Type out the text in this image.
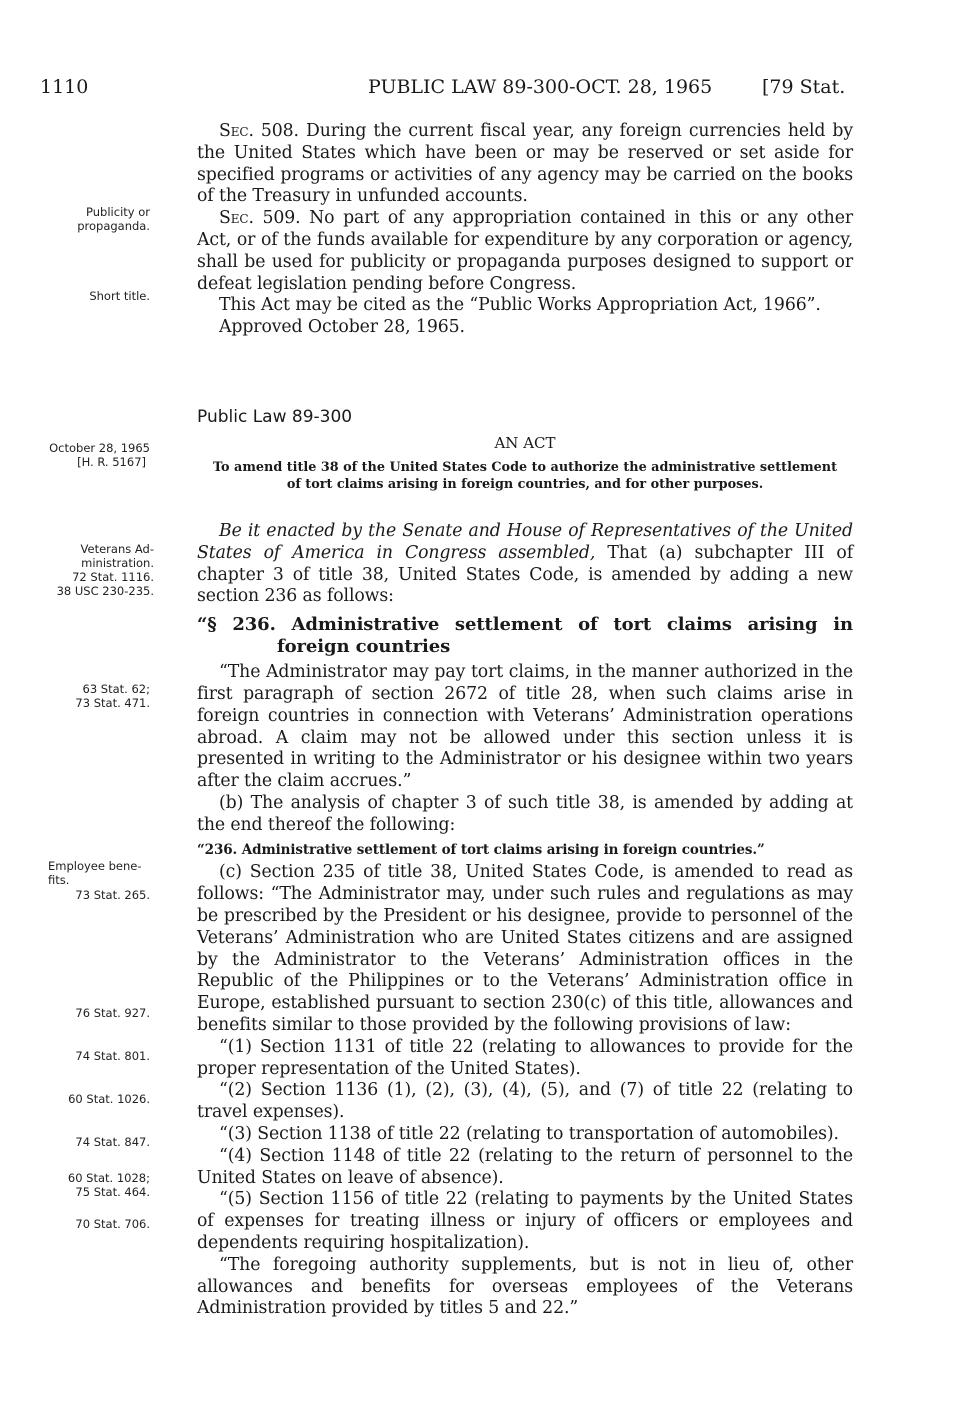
1110	PUBLIC LAW 89-300-OCT. 28, 1965	[79 Stat.
Publicity or
propaganda.
Short title.
October 28, 1965
[H. R. 5167]
Veterans Ad-
ministration.
72 Stat. 1116.
38 USC 230-235.
63 Stat. 62;
73 Stat. 471.
Employee bene-
fits.
73 Stat. 265.
76 Stat. 927.
74 Stat. 801.
60 Stat. 1026.
74 Stat. 847.
60 Stat. 1028;
75 Stat. 464.
70 Stat. 706.

Sec. 508. During the current fiscal year, any foreign currencies held by the United States which have been or may be reserved or set aside for specified programs or activities of any agency may be carried on the books of the Treasury in unfunded accounts.

Sec. 509. No part of any appropriation contained in this or any other Act, or of the funds available for expenditure by any corporation or agency, shall be used for publicity or propaganda purposes designed to support or defeat legislation pending before Congress.

This Act may be cited as the “Public Works Appropriation Act, 1966”.

Approved October 28, 1965.

Public Law 89-300
AN ACT
To amend title 38 of the United States Code to authorize the administrative settlement of tort claims arising in foreign countries, and for other purposes.

Be it enacted by the Senate and House of Representatives of the United States of America in Congress assembled, That (a) subchapter III of chapter 3 of title 38, United States Code, is amended by adding a new section 236 as follows:

“§ 236. Administrative settlement of tort claims arising in foreign countries

“The Administrator may pay tort claims, in the manner authorized in the first paragraph of section 2672 of title 28, when such claims arise in foreign countries in connection with Veterans’ Administration operations abroad. A claim may not be allowed under this section unless it is presented in writing to the Administrator or his designee within two years after the claim accrues.”

(b) The analysis of chapter 3 of such title 38, is amended by adding at the end thereof the following:

“236. Administrative settlement of tort claims arising in foreign countries.”

(c) Section 235 of title 38, United States Code, is amended to read as follows: “The Administrator may, under such rules and regulations as may be prescribed by the President or his designee, provide to personnel of the Veterans’ Administration who are United States citizens and are assigned by the Administrator to the Veterans’ Administration offices in the Republic of the Philippines or to the Veterans’ Administration office in Europe, established pursuant to section 230(c) of this title, allowances and benefits similar to those provided by the following provisions of law:

“(1) Section 1131 of title 22 (relating to allowances to provide for the proper representation of the United States).

“(2) Section 1136 (1), (2), (3), (4), (5), and (7) of title 22 (relating to travel expenses).

“(3) Section 1138 of title 22 (relating to transportation of automobiles).

“(4) Section 1148 of title 22 (relating to the return of personnel to the United States on leave of absence).

“(5) Section 1156 of title 22 (relating to payments by the United States of expenses for treating illness or injury of officers or employees and dependents requiring hospitalization).

“The foregoing authority supplements, but is not in lieu of, other allowances and benefits for overseas employees of the Veterans Administration provided by titles 5 and 22.”
